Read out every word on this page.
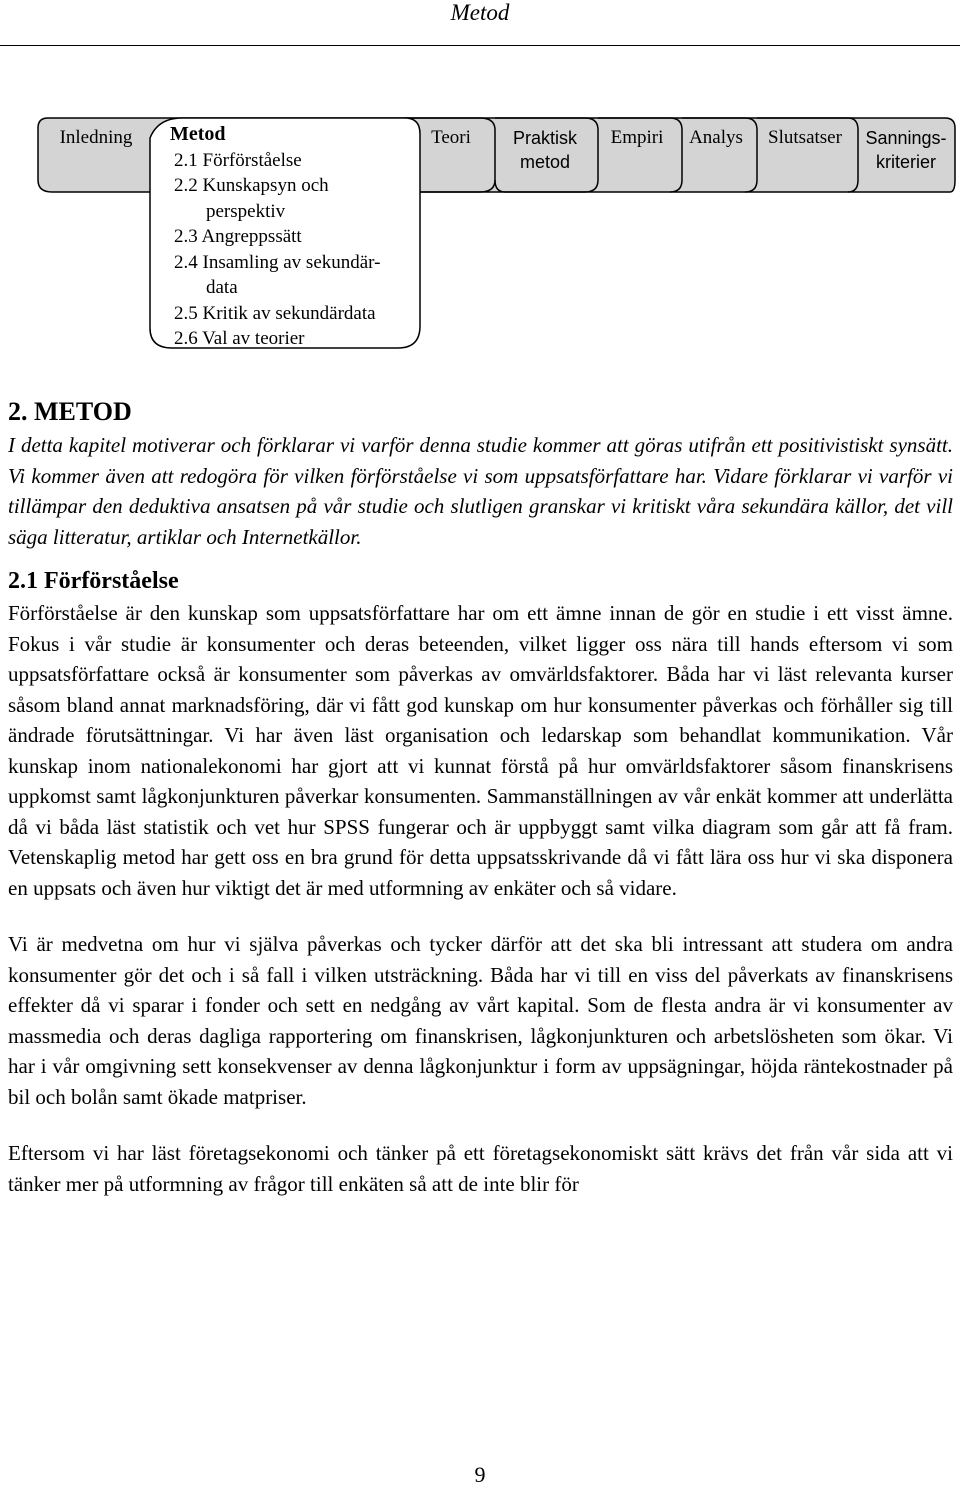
Metod
Inledning	Teori	Praktisk
metod
Empiri	Analys	Slutsatser	Sannings-
kriterier
Metod
2.1 Förförståelse
2.2 Kunskapsyn och
perspektiv
2.3 Angreppssätt
2.4 Insamling av sekundär-
data
2.5 Kritik av sekundärdata
2.6 Val av teorier
2. METOD

I detta kapitel motiverar och förklarar vi varför denna studie kommer att göras utifrån ett positivistiskt synsätt. Vi kommer även att redogöra för vilken förförståelse vi som uppsatsförfattare har. Vidare förklarar vi varför vi tillämpar den deduktiva ansatsen på vår studie och slutligen granskar vi kritiskt våra sekundära källor, det vill säga litteratur, artiklar och Internetkällor.

2.1 Förförståelse

Förförståelse är den kunskap som uppsatsförfattare har om ett ämne innan de gör en studie i ett visst ämne. Fokus i vår studie är konsumenter och deras beteenden, vilket ligger oss nära till hands eftersom vi som uppsatsförfattare också är konsumenter som påverkas av omvärldsfaktorer. Båda har vi läst relevanta kurser såsom bland annat marknadsföring, där vi fått god kunskap om hur konsumenter påverkas och förhåller sig till ändrade förutsättningar. Vi har även läst organisation och ledarskap som behandlat kommunikation. Vår kunskap inom nationalekonomi har gjort att vi kunnat förstå på hur omvärldsfaktorer såsom finanskrisens uppkomst samt lågkonjunkturen påverkar konsumenten. Sammanställningen av vår enkät kommer att underlätta då vi båda läst statistik och vet hur SPSS fungerar och är uppbyggt samt vilka diagram som går att få fram. Vetenskaplig metod har gett oss en bra grund för detta uppsatsskrivande då vi fått lära oss hur vi ska disponera en uppsats och även hur viktigt det är med utformning av enkäter och så vidare.

Vi är medvetna om hur vi själva påverkas och tycker därför att det ska bli intressant att studera om andra konsumenter gör det och i så fall i vilken utsträckning. Båda har vi till en viss del påverkats av finanskrisens effekter då vi sparar i fonder och sett en nedgång av vårt kapital. Som de flesta andra är vi konsumenter av massmedia och deras dagliga rapportering om finanskrisen, lågkonjunkturen och arbetslösheten som ökar. Vi har i vår omgivning sett konsekvenser av denna lågkonjunktur i form av uppsägningar, höjda räntekostnader på bil och bolån samt ökade matpriser.

Eftersom vi har läst företagsekonomi och tänker på ett företagsekonomiskt sätt krävs det från vår sida att vi tänker mer på utformning av frågor till enkäten så att de inte blir för

9
